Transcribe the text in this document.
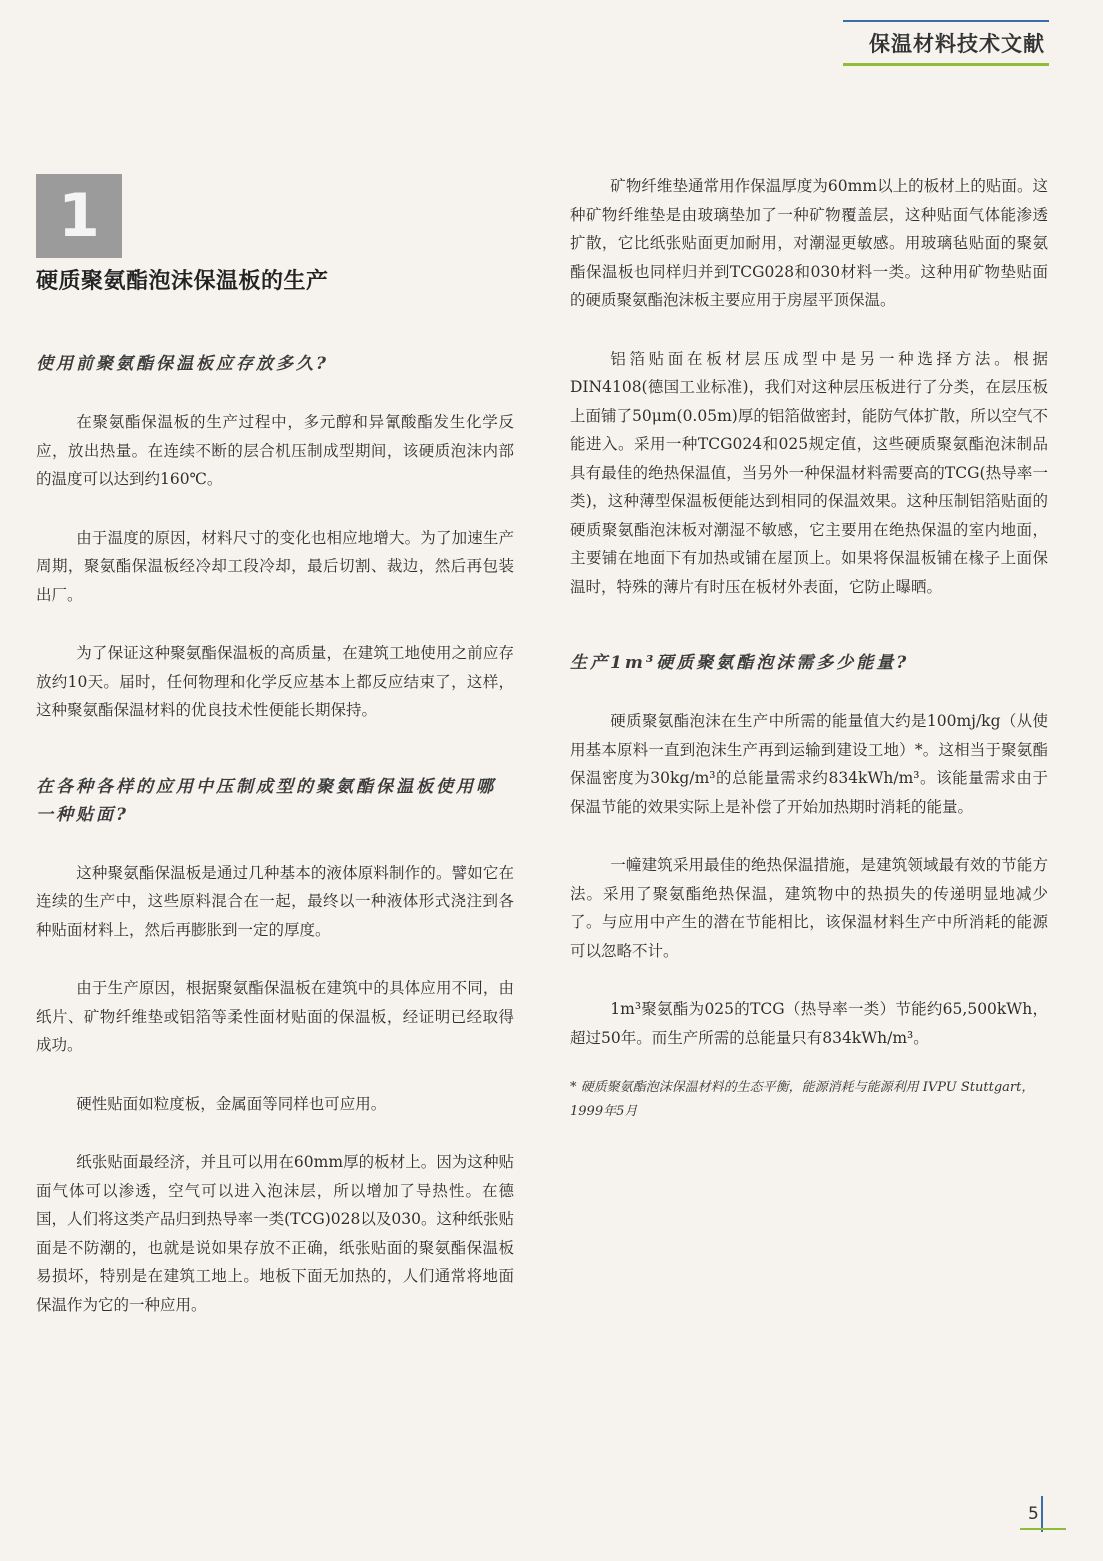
保温材料技术文献
1
硬质聚氨酯泡沫保温板的生产
使用前聚氨酯保温板应存放多久?

在聚氨酯保温板的生产过程中，多元醇和异氰酸酯发生化学反应，放出热量。在连续不断的层合机压制成型期间，该硬质泡沫内部的温度可以达到约160℃。

由于温度的原因，材料尺寸的变化也相应地增大。为了加速生产周期，聚氨酯保温板经冷却工段冷却，最后切割、裁边，然后再包装出厂。

为了保证这种聚氨酯保温板的高质量，在建筑工地使用之前应存放约10天。届时，任何物理和化学反应基本上都反应结束了，这样，这种聚氨酯保温材料的优良技术性便能长期保持。

在各种各样的应用中压制成型的聚氨酯保温板使用哪一种贴面?

这种聚氨酯保温板是通过几种基本的液体原料制作的。譬如它在连续的生产中，这些原料混合在一起，最终以一种液体形式浇注到各种贴面材料上，然后再膨胀到一定的厚度。

由于生产原因，根据聚氨酯保温板在建筑中的具体应用不同，由纸片、矿物纤维垫或铝箔等柔性面材贴面的保温板，经证明已经取得成功。

硬性贴面如粒度板，金属面等同样也可应用。

纸张贴面最经济，并且可以用在60mm厚的板材上。因为这种贴面气体可以渗透，空气可以进入泡沫层，所以增加了导热性。在德国，人们将这类产品归到热导率一类(TCG)028以及030。这种纸张贴面是不防潮的，也就是说如果存放不正确，纸张贴面的聚氨酯保温板易损坏，特别是在建筑工地上。地板下面无加热的，人们通常将地面保温作为它的一种应用。

矿物纤维垫通常用作保温厚度为60mm以上的板材上的贴面。这种矿物纤维垫是由玻璃垫加了一种矿物覆盖层，这种贴面气体能渗透扩散，它比纸张贴面更加耐用，对潮湿更敏感。用玻璃毡贴面的聚氨酯保温板也同样归并到TCG028和030材料一类。这种用矿物垫贴面的硬质聚氨酯泡沫板主要应用于房屋平顶保温。

铝箔贴面在板材层压成型中是另一种选择方法。根据DIN4108(德国工业标准)，我们对这种层压板进行了分类，在层压板上面铺了50μm(0.05m)厚的铝箔做密封，能防气体扩散，所以空气不能进入。采用一种TCG024和025规定值，这些硬质聚氨酯泡沫制品具有最佳的绝热保温值，当另外一种保温材料需要高的TCG(热导率一类)，这种薄型保温板便能达到相同的保温效果。这种压制铝箔贴面的硬质聚氨酯泡沫板对潮湿不敏感，它主要用在绝热保温的室内地面，主要铺在地面下有加热或铺在屋顶上。如果将保温板铺在椽子上面保温时，特殊的薄片有时压在板材外表面，它防止曝晒。

生产1m³硬质聚氨酯泡沫需多少能量?

硬质聚氨酯泡沫在生产中所需的能量值大约是100mj/kg（从使用基本原料一直到泡沫生产再到运输到建设工地）*。这相当于聚氨酯保温密度为30kg/m³的总能量需求约834kWh/m³。该能量需求由于保温节能的效果实际上是补偿了开始加热期时消耗的能量。

一幢建筑采用最佳的绝热保温措施，是建筑领域最有效的节能方法。采用了聚氨酯绝热保温，建筑物中的热损失的传递明显地减少了。与应用中产生的潜在节能相比，该保温材料生产中所消耗的能源可以忽略不计。

1m³聚氨酯为025的TCG（热导率一类）节能约65,500kWh，超过50年。而生产所需的总能量只有834kWh/m³。

* 硬质聚氨酯泡沫保温材料的生态平衡，能源消耗与能源利用 IVPU Stuttgart，1999年5月

5
